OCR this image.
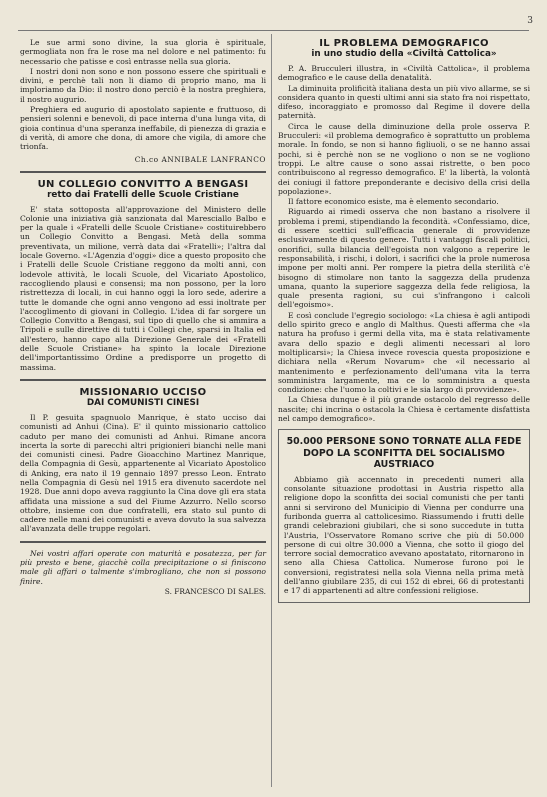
3

Le sue armi sono divine, la sua gloria è spirituale, germogliata non fra le rose ma nel dolore e nel patimento: fu necessario che patisse e così entrasse nella sua gloria.

I nostri doni non sono e non possono essere che spirituali e divini, e perchè tali non li diamo di proprio mano, ma li imploriamo da Dio: il nostro dono perciò è la nostra preghiera, il nostro augurio.

Preghiera ed augurio di apostolato sapiente e fruttuoso, di pensieri solenni e benevoli, di pace interna d'una lunga vita, di gioia continua d'una speranza ineffabile, di pienezza di grazia e di verità, di amore che dona, di amore che vigila, di amore che trionfa.

Ch.co ANNIBALE LANFRANCO
UN COLLEGIO CONVITTO A BENGASI
retto dai Fratelli delle Scuole Cristiane

E' stata sottoposta all'approvazione del Ministero delle Colonie una iniziativa già sanzionata dal Maresciallo Balbo e per la quale i «Fratelli delle Scuole Cristiane» costituirebbero un Collegio Convitto a Bengasi. Metà della somma preventivata, un milione, verrà data dai «Fratelli»; l'altra dal locale Governo. «L'Agenzia d'oggi» dice a questo proposito che i Fratelli delle Scuole Cristiane reggono da molti anni, con lodevole attività, le locali Scuole, del Vicariato Apostolico, raccogliendo plausi e consensi; ma non possono, per la loro ristrettezza di locali, in cui hanno oggi la loro sede, aderire a tutte le domande che ogni anno vengono ad essi inoltrate per l'accoglimento di giovani in Collegio. L'idea di far sorgere un Collegio Convitto a Bengasi, sul tipo di quello che si ammira a Tripoli e sulle direttive di tutti i Collegi che, sparsi in Italia ed all'estero, hanno capo alla Direzione Generale dei «Fratelli delle Scuole Cristiane» ha spinto la locale Direzione dell'importantissimo Ordine a predisporre un progetto di massima.

MISSIONARIO UCCISO
DAI COMUNISTI CINESI

Il P. gesuita spagnuolo Manrique, è stato ucciso dai comunisti ad Anhui (Cina). E' il quinto missionario cattolico caduto per mano dei comunisti ad Anhui. Rimane ancora incerta la sorte di parecchi altri prigionieri bianchi nelle mani dei comunisti cinesi. Padre Gioacchino Martinez Manrique, della Compagnia di Gesù, appartenente al Vicariato Apostolico di Anking, era nato il 19 gennaio 1897 presso Leon. Entrato nella Compagnia di Gesù nel 1915 era divenuto sacerdote nel 1928. Due anni dopo aveva raggiunto la Cina dove gli era stata affidata una missione a sud del Fiume Azzurro. Nello scorso ottobre, insieme con due confratelli, era stato sul punto di cadere nelle mani dei comunisti e aveva dovuto la sua salvezza all'avanzata delle truppe regolari.

Nei vostri affari operate con maturità e posatezza, per far più presto e bene, giacchè colla precipitazione o si finiscono male gli affari o talmente s'imbrogliano, che non si possono finire.

S. FRANCESCO DI SALES.
IL PROBLEMA DEMOGRAFICO
in uno studio della «Civiltà Cattolica»

P. A. Brucculeri illustra, in «Civiltà Cattolica», il problema demografico e le cause della denatalità.

La diminuita prolificità italiana desta un più vivo allarme, se si considera quanto in questi ultimi anni sia stato fra noi rispettato, difeso, incoraggiato e promosso dal Regime il dovere della paternità.

Circa le cause della diminuzione della prole osserva P. Brucculeri: «il problema demografico è soprattutto un problema morale. In fondo, se non si hanno figliuoli, o se ne hanno assai pochi, si è perchè non se ne vogliono o non se ne vogliono troppi. Le altre cause o sono assai ristrette, o ben poco contribuiscono al regresso demografico. E' la libertà, la volontà dei coniugi il fattore preponderante e decisivo della crisi della popolazione».

Il fattore economico esiste, ma è elemento secondario.

Riguardo ai rimedi osserva che non bastano a risolvere il problema i premi, stipendiando la fecondità. «Confessiamo, dice, di essere scettici sull'efficacia generale di provvidenze esclusivamente di questo genere. Tutti i vantaggi fiscali politici, onorifici, sulla bilancia dell'egoista non valgono a reperire le responsabilità, i rischi, i dolori, i sacrifici che la prole numerosa impone per molti anni. Per rompere la pietra della sterilità c'è bisogno di stimolare non tanto la saggezza della prudenza umana, quanto la superiore saggezza della fede religiosa, la quale presenta ragioni, su cui s'infrangono i calcoli dell'egoismo».

E così conclude l'egregio sociologo: «La chiesa è agli antipodi dello spirito greco e anglo di Malthus. Questi afferma che «la natura ha profuso i germi della vita, ma è stata relativamente avara dello spazio e degli alimenti necessari al loro moltiplicarsi»; la Chiesa invece rovescia questa proposizione e dichiara nella «Rerum Novarum» che «il necessario al mantenimento e perfezionamento dell'umana vita la terra somministra largamente, ma ce lo somministra a questa condizione: che l'uomo la coltivi e le sia largo di provvidenze».

La Chiesa dunque è il più grande ostacolo del regresso delle nascite; chi incrina o ostacola la Chiesa è certamente disfattista nel campo demografico».

50.000 PERSONE SONO TORNATE ALLA FEDE DOPO LA SCONFITTA DEL SOCIALISMO AUSTRIACO

Abbiamo già accennato in precedenti numeri alla consolante situazione prodottasi in Austria rispetto alla religione dopo la sconfitta dei social comunisti che per tanti anni si servirono del Municipio di Vienna per condurre una furibonda guerra al cattolicesimo. Riassumendo i frutti delle grandi celebrazioni giubilari, che si sono succedute in tutta l'Austria, l'Osservatore Romano scrive che più di 50.000 persone di cui oltre 30.000 a Vienna, che sotto il giogo del terrore social democratico avevano apostatato, ritornarono in seno alla Chiesa Cattolica. Numerose furono poi le conversioni, registratesi nella sola Vienna nella prima metà dell'anno giubilare 235, di cui 152 di ebrei, 66 di protestanti e 17 di appartenenti ad altre confessioni religiose.
